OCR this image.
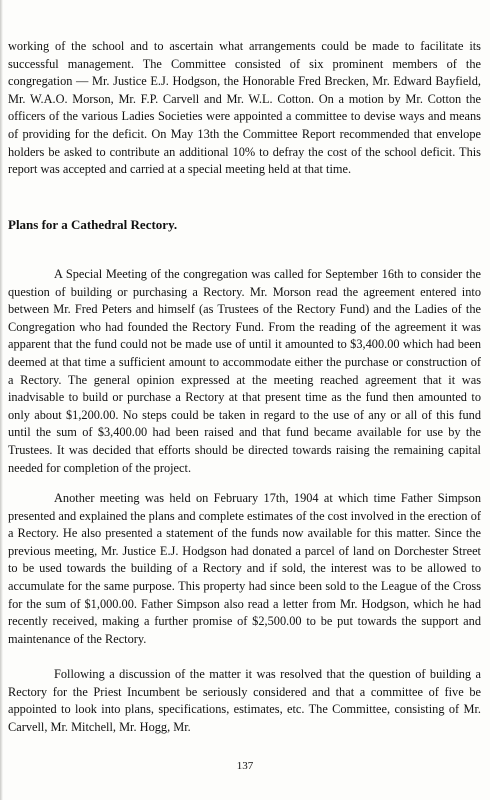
working of the school and to ascertain what arrangements could be made to facilitate its successful management. The Committee consisted of six prominent members of the congregation — Mr. Justice E.J. Hodgson, the Honorable Fred Brecken, Mr. Edward Bayfield, Mr. W.A.O. Morson, Mr. F.P. Carvell and Mr. W.L. Cotton. On a motion by Mr. Cotton the officers of the various Ladies Societies were appointed a committee to devise ways and means of providing for the deficit. On May 13th the Committee Report recommended that envelope holders be asked to contribute an additional 10% to defray the cost of the school deficit. This report was accepted and carried at a special meeting held at that time.

Plans for a Cathedral Rectory.

A Special Meeting of the congregation was called for September 16th to consider the question of building or purchasing a Rectory. Mr. Morson read the agreement entered into between Mr. Fred Peters and himself (as Trustees of the Rectory Fund) and the Ladies of the Congregation who had founded the Rectory Fund. From the reading of the agreement it was apparent that the fund could not be made use of until it amounted to $3,400.00 which had been deemed at that time a sufficient amount to accommodate either the purchase or construction of a Rectory. The general opinion expressed at the meeting reached agreement that it was inadvisable to build or purchase a Rectory at that present time as the fund then amounted to only about $1,200.00. No steps could be taken in regard to the use of any or all of this fund until the sum of $3,400.00 had been raised and that fund became available for use by the Trustees. It was decided that efforts should be directed towards raising the remaining capital needed for completion of the project.

Another meeting was held on February 17th, 1904 at which time Father Simpson presented and explained the plans and complete estimates of the cost involved in the erection of a Rectory. He also presented a statement of the funds now available for this matter. Since the previous meeting, Mr. Justice E.J. Hodgson had donated a parcel of land on Dorchester Street to be used towards the building of a Rectory and if sold, the interest was to be allowed to accumulate for the same purpose. This property had since been sold to the League of the Cross for the sum of $1,000.00. Father Simpson also read a letter from Mr. Hodgson, which he had recently received, making a further promise of $2,500.00 to be put towards the support and maintenance of the Rectory.

Following a discussion of the matter it was resolved that the question of building a Rectory for the Priest Incumbent be seriously considered and that a committee of five be appointed to look into plans, specifications, estimates, etc. The Committee, consisting of Mr. Carvell, Mr. Mitchell, Mr. Hogg, Mr.

137
